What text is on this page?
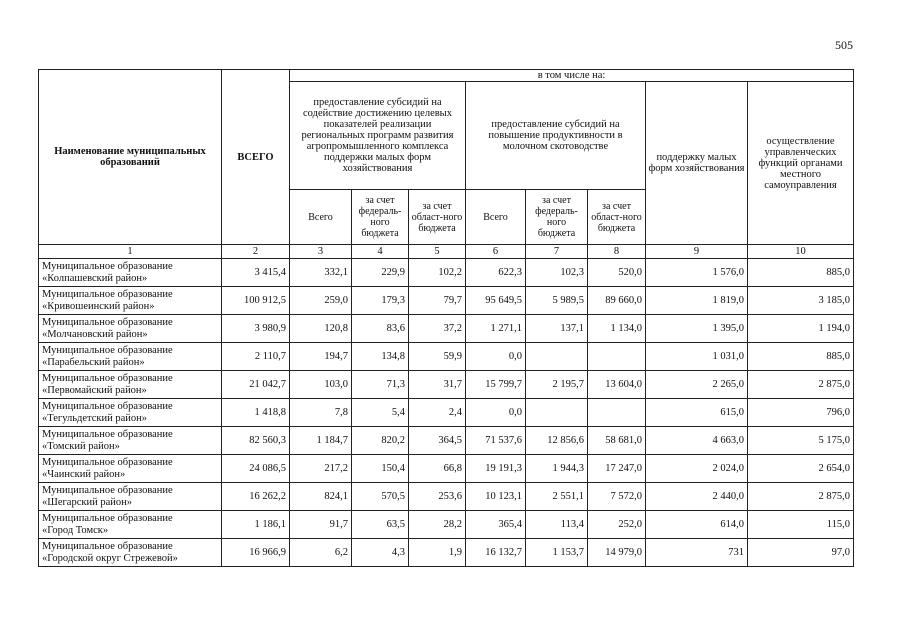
505
Наименование муниципальных образований	ВСЕГО	в том числе на:							
		предоставление субсидий на содействие достижению целевых показателей реализации региональных программ развития агропромышленного комплекса поддержки малых форм хозяйствования			предоставление субсидий на повышение продуктивности в молочном скотоводстве			поддержку малых форм хозяйствования	осуществление управленческих функций органами местного самоуправления
		Всего	за счет федераль-ного бюджета	за счет област-ного бюджета	Всего	за счет федераль-ного бюджета	за счет област-ного бюджета		
1	2	3	4	5	6	7	8	9	10

Муниципальное образование
«Колпашевский район»	3 415,4	332,1	229,9	102,2	622,3	102,3	520,0	1 576,0	885,0

Муниципальное образование
«Кривошеинский район»	100 912,5	259,0	179,3	79,7	95 649,5	5 989,5	89 660,0	1 819,0	3 185,0

Муниципальное образование
«Молчановский район»	3 980,9	120,8	83,6	37,2	1 271,1	137,1	1 134,0	1 395,0	1 194,0

Муниципальное образование
«Парабельский район»	2 110,7	194,7	134,8	59,9	0,0			1 031,0	885,0

Муниципальное образование
«Первомайский район»	21 042,7	103,0	71,3	31,7	15 799,7	2 195,7	13 604,0	2 265,0	2 875,0

Муниципальное образование
«Тегульдетский район»	1 418,8	7,8	5,4	2,4	0,0			615,0	796,0

Муниципальное образование
«Томский район»	82 560,3	1 184,7	820,2	364,5	71 537,6	12 856,6	58 681,0	4 663,0	5 175,0

Муниципальное образование
«Чаинский район»	24 086,5	217,2	150,4	66,8	19 191,3	1 944,3	17 247,0	2 024,0	2 654,0

Муниципальное образование
«Шегарский район»	16 262,2	824,1	570,5	253,6	10 123,1	2 551,1	7 572,0	2 440,0	2 875,0

Муниципальное образование
«Город Томск»	1 186,1	91,7	63,5	28,2	365,4	113,4	252,0	614,0	115,0

Муниципальное образование
«Городской округ Стрежевой»	16 966,9	6,2	4,3	1,9	16 132,7	1 153,7	14 979,0	731	97,0
